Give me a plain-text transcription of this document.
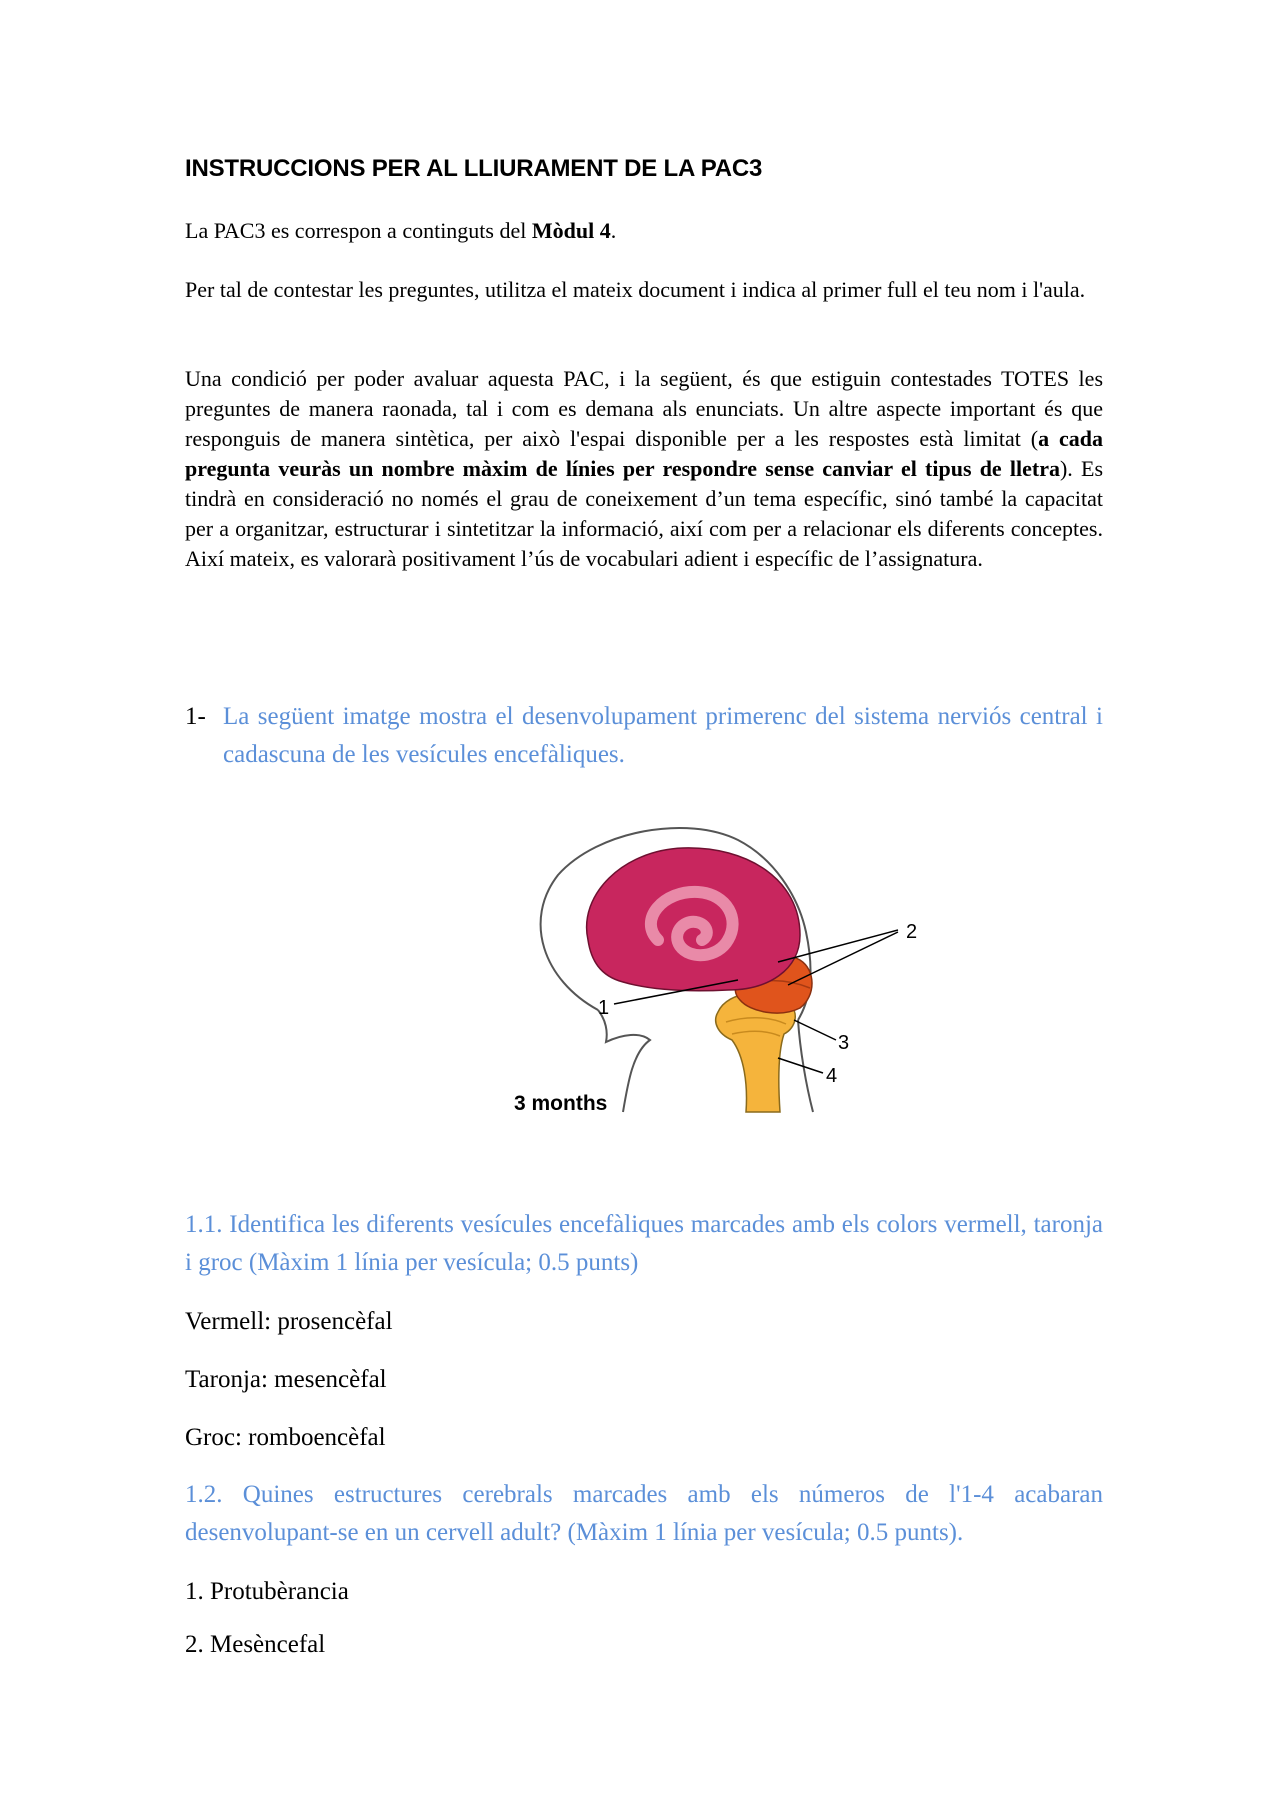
INSTRUCCIONS PER AL LLIURAMENT DE LA PAC3

La PAC3 es correspon a continguts del Mòdul 4.

Per tal de contestar les preguntes, utilitza el mateix document i indica al primer full el teu nom i l'aula.

Una condició per poder avaluar aquesta PAC, i la següent, és que estiguin contestades TOTES les preguntes de manera raonada, tal i com es demana als enunciats. Un altre aspecte important és que responguis de manera sintètica, per això l'espai disponible per a les respostes està limitat (a cada pregunta veuràs un nombre màxim de línies per respondre sense canviar el tipus de lletra). Es tindrà en consideració no només el grau de coneixement d’un tema específic, sinó també la capacitat per a organitzar, estructurar i sintetitzar la informació, així com per a relacionar els diferents conceptes. Així mateix, es valorarà positivament l’ús de vocabulari adient i específic de l’assignatura.

1- La següent imatge mostra el desenvolupament primerenc del sistema nerviós central i cadascuna de les vesícules encefàliques.

1
2
3
4
3 months

1.1. Identifica les diferents vesícules encefàliques marcades amb els colors vermell, taronja i groc (Màxim 1 línia per vesícula; 0.5 punts)

Vermell: prosencèfal

Taronja: mesencèfal

Groc: romboencèfal

1.2. Quines estructures cerebrals marcades amb els números de l'1-4 acabaran desenvolupant-se en un cervell adult? (Màxim 1 línia per vesícula; 0.5 punts).

1. Protubèrancia

2. Mesèncefal
